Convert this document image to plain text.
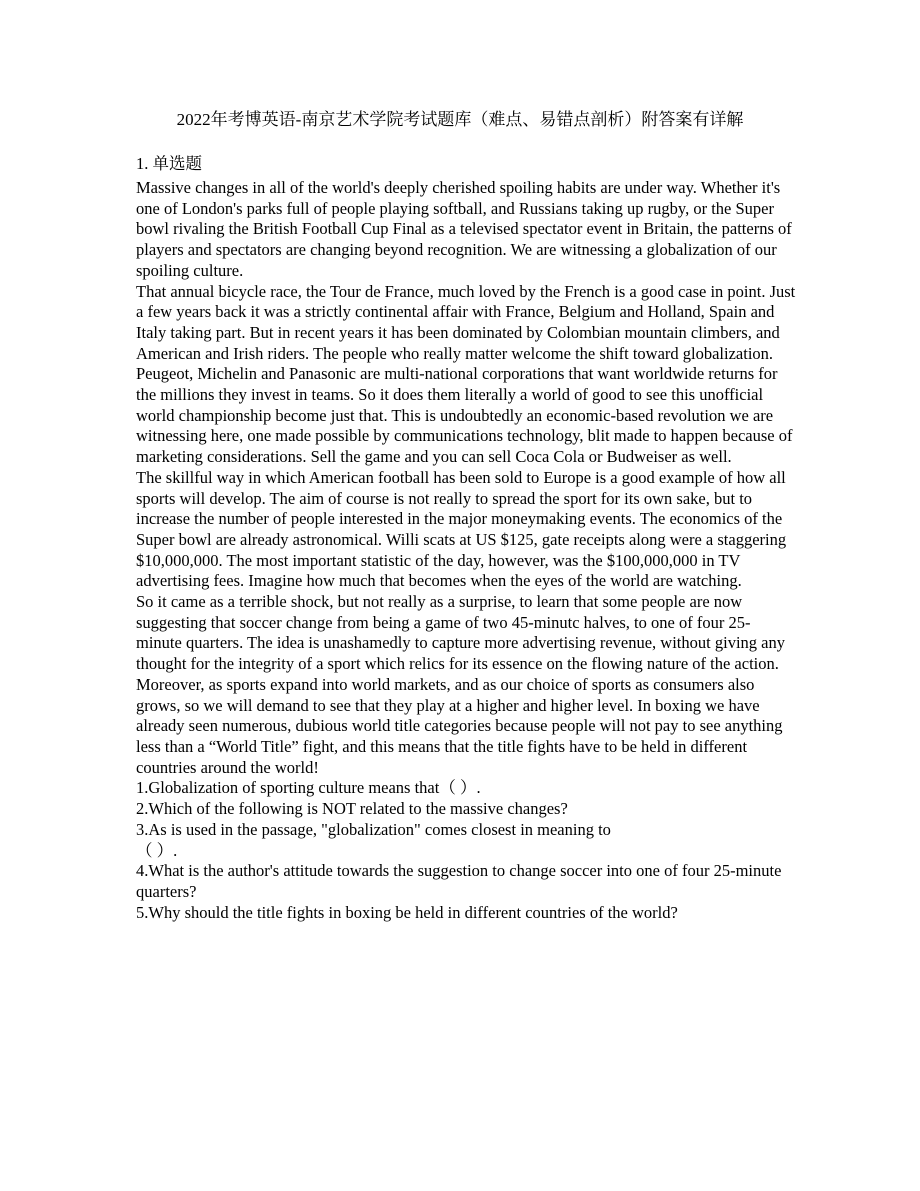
2022年考博英语-南京艺术学院考试题库（难点、易错点剖析）附答案有详解
1. 单选题

Massive changes in all of the world's deeply cherished spoiling habits are under way. Whether it's one of London's parks full of people playing softball, and Russians taking up rugby, or the Super bowl rivaling the British Football Cup Final as a televised spectator event in Britain, the patterns of players and spectators are changing beyond recognition. We are witnessing a globalization of our spoiling culture.

That annual bicycle race, the Tour de France, much loved by the French is a good case in point. Just a few years back it was a strictly continental affair with France, Belgium and Holland, Spain and Italy taking part. But in recent years it has been dominated by Colombian mountain climbers, and American and Irish riders. The people who really matter welcome the shift toward globalization. Peugeot, Michelin and Panasonic are multi-national corporations that want worldwide returns for the millions they invest in teams. So it does them literally a world of good to see this unofficial world championship become just that. This is undoubtedly an economic-based revolution we are witnessing here, one made possible by communications technology, blit made to happen because of marketing considerations. Sell the game and you can sell Coca Cola or Budweiser as well.

The skillful way in which American football has been sold to Europe is a good example of how all sports will develop. The aim of course is not really to spread the sport for its own sake, but to increase the number of people interested in the major moneymaking events. The economics of the Super bowl are already astronomical. Willi scats at US $125, gate receipts along were a staggering $10,000,000. The most important statistic of the day, however, was the $100,000,000 in TV advertising fees. Imagine how much that becomes when the eyes of the world are watching.

So it came as a terrible shock, but not really as a surprise, to learn that some people are now suggesting that soccer change from being a game of two 45-minutc halves, to one of four 25-minute quarters. The idea is unashamedly to capture more advertising revenue, without giving any thought for the integrity of a sport which relics for its essence on the flowing nature of the action.

Moreover, as sports expand into world markets, and as our choice of sports as consumers also grows, so we will demand to see that they play at a higher and higher level. In boxing we have already seen numerous, dubious world title categories because people will not pay to see anything less than a “World Title” fight, and this means that the title fights have to be held in different countries around the world!

1.Globalization of sporting culture means that（ ）.
2.Which of the following is NOT related to the massive changes?
3.As is used in the passage, "globalization" comes closest in meaning to
（ ）.
4.What is the author's attitude towards the suggestion to change soccer into one of four 25-minute quarters?
5.Why should the title fights in boxing be held in different countries of the world?
